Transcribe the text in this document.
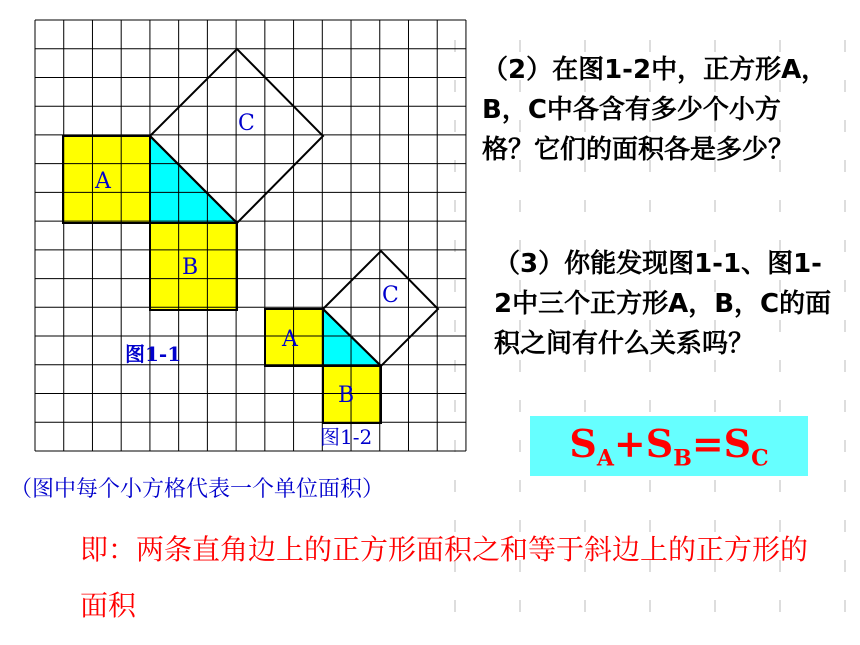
C
A
B
C
A
B
图1-1
图1-2
（2）在图1-2中，正方形A，B，C中各含有多少个小方格？它们的面积各是多少？
（3）你能发现图1-1、图1-2中三个正方形A，B，C的面积之间有什么关系吗？
$S_A+S_B=S_C$
（图中每个小方格代表一个单位面积）
即：两条直角边上的正方形面积之和等于斜边上的正方形的面积
